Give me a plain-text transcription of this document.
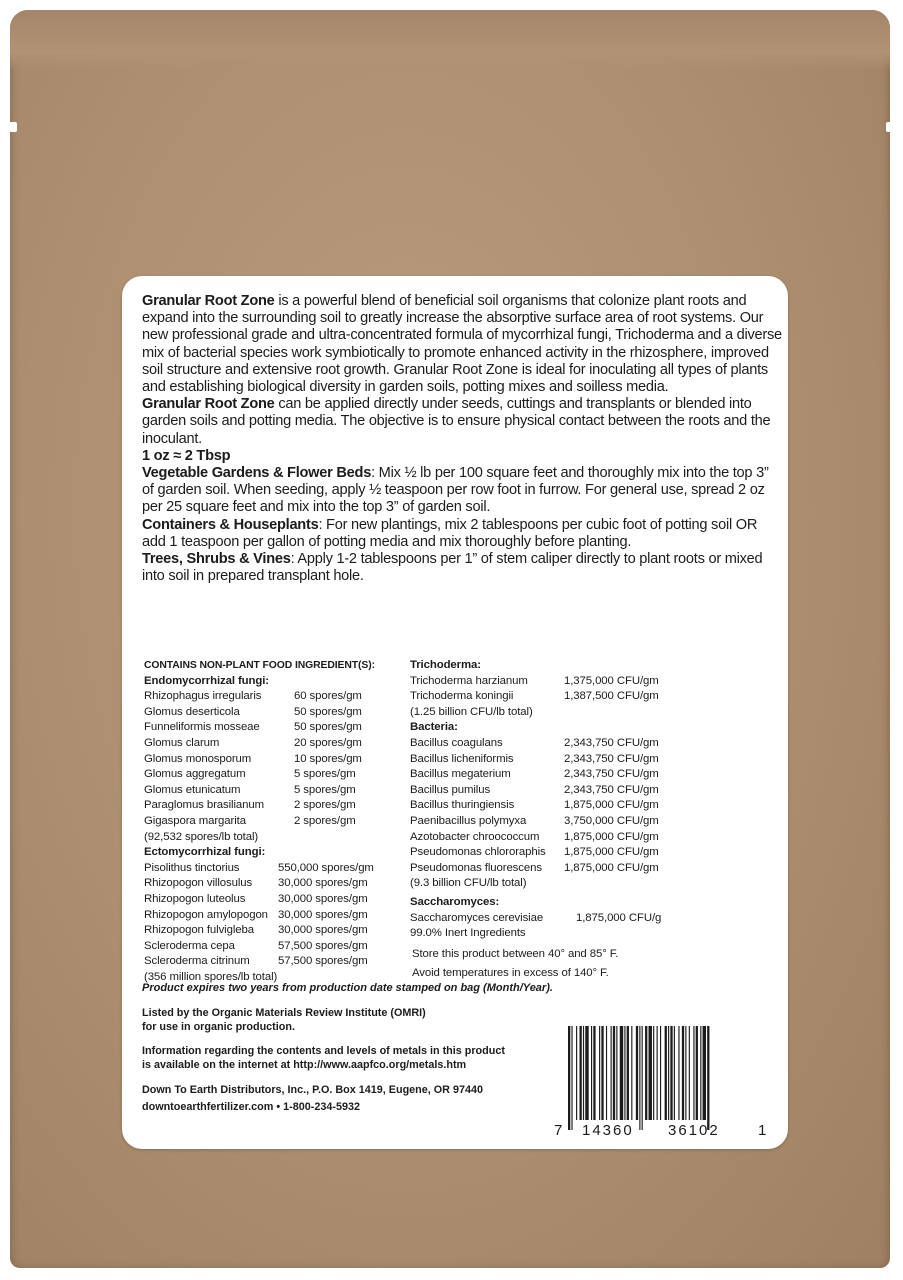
Granular Root Zone is a powerful blend of beneficial soil organisms that colonize plant roots and expand into the surrounding soil to greatly increase the absorptive surface area of root systems. Our new professional grade and ultra-concentrated formula of mycorrhizal fungi, Trichoderma and a diverse mix of bacterial species work symbiotically to promote enhanced activity in the rhizosphere, improved soil structure and extensive root growth. Granular Root Zone is ideal for inoculating all types of plants and establishing biological diversity in garden soils, potting mixes and soilless media.

Granular Root Zone can be applied directly under seeds, cuttings and transplants or blended into garden soils and potting media. The objective is to ensure physical contact between the roots and the inoculant.

1 oz ≈ 2 Tbsp

Vegetable Gardens & Flower Beds: Mix ½ lb per 100 square feet and thoroughly mix into the top 3” of garden soil. When seeding, apply ½ teaspoon per row foot in furrow. For general use, spread 2 oz per 25 square feet and mix into the top 3” of garden soil.

Containers & Houseplants: For new plantings, mix 2 tablespoons per cubic foot of potting soil OR add 1 teaspoon per gallon of potting media and mix thoroughly before planting.

Trees, Shrubs & Vines: Apply 1-2 tablespoons per 1” of stem caliper directly to plant roots or mixed into soil in prepared transplant hole.

CONTAINS NON-PLANT FOOD INGREDIENT(S):
Endomycorrhizal fungi:
Rhizophagus irregularis	60 spores/gm
Glomus deserticola	50 spores/gm
Funneliformis mosseae	50 spores/gm
Glomus clarum	20 spores/gm
Glomus monosporum	10 spores/gm
Glomus aggregatum	5 spores/gm
Glomus etunicatum	5 spores/gm
Paraglomus brasilianum	2 spores/gm
Gigaspora margarita	2 spores/gm
(92,532 spores/lb total)
Ectomycorrhizal fungi:
Pisolithus tinctorius	550,000 spores/gm
Rhizopogon villosulus	30,000 spores/gm
Rhizopogon luteolus	30,000 spores/gm
Rhizopogon amylopogon 30,000 spores/gm
Rhizopogon fulvigleba	30,000 spores/gm
Scleroderma cepa	57,500 spores/gm
Scleroderma citrinum	57,500 spores/gm
(356 million spores/lb total)
Trichoderma:
Trichoderma harzianum	1,375,000 CFU/gm
Trichoderma koningii	1,387,500 CFU/gm
(1.25 billion CFU/lb total)
Bacteria:
Bacillus coagulans	2,343,750 CFU/gm
Bacillus licheniformis	2,343,750 CFU/gm
Bacillus megaterium	2,343,750 CFU/gm
Bacillus pumilus	2,343,750 CFU/gm
Bacillus thuringiensis	1,875,000 CFU/gm
Paenibacillus polymyxa	3,750,000 CFU/gm
Azotobacter chroococcum	1,875,000 CFU/gm
Pseudomonas chlororaphis	1,875,000 CFU/gm
Pseudomonas fluorescens	1,875,000 CFU/gm
(9.3 billion CFU/lb total)
Saccharomyces:
Saccharomyces cerevisiae	1,875,000 CFU/g
99.0% Inert Ingredients
Store this product between 40° and 85° F.
Avoid temperatures in excess of 140° F.
Product expires two years from production date stamped on bag (Month/Year).

Listed by the Organic Materials Review Institute (OMRI)

for use in organic production.

Information regarding the contents and levels of metals in this product

is available on the internet at http://www.aapfco.org/metals.htm

Down To Earth Distributors, Inc., P.O. Box 1419, Eugene, OR 97440

downtoearthfertilizer.com • 1-800-234-5932

7 14360 36102	1
